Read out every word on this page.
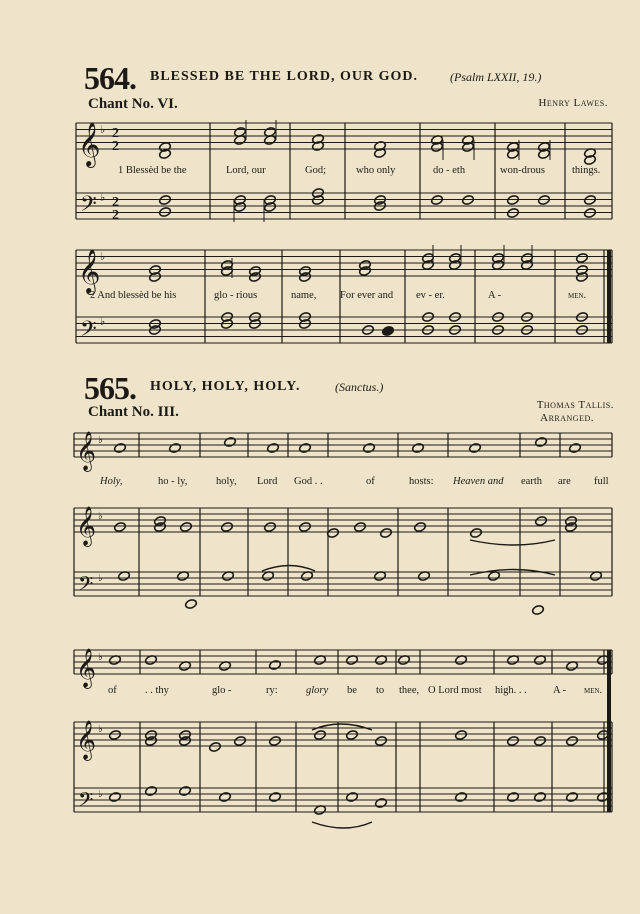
564. BLESSED BE THE LORD, OUR GOD.	(Psalm LXXII, 19.)
Chant No. VI.	Henry Lawes.
𝄞
𝄢
♭
♭
2
2
2
2
𝄞
𝄢
♭
♭
𝄞
𝄞
𝄢
♭
♭
♭
𝄞
𝄞
𝄢
♭
♭
♭
1 Blessèd be the	Lord, our	God;	who only	do - eth	won-drous	things.
2 And blessèd be his	glo - rious	name, For ever and ev - er.	A -	men.
565. HOLY, HOLY, HOLY.	(Sanctus.)
Chant No. III.	Thomas Tallis.
Arranged.
Holy,	ho - ly,	holy, Lord God . .	of	hosts: Heaven and earth are full
of	. . thy	glo -	ry:	glory be to thee, O Lord most high. . . A - men.
